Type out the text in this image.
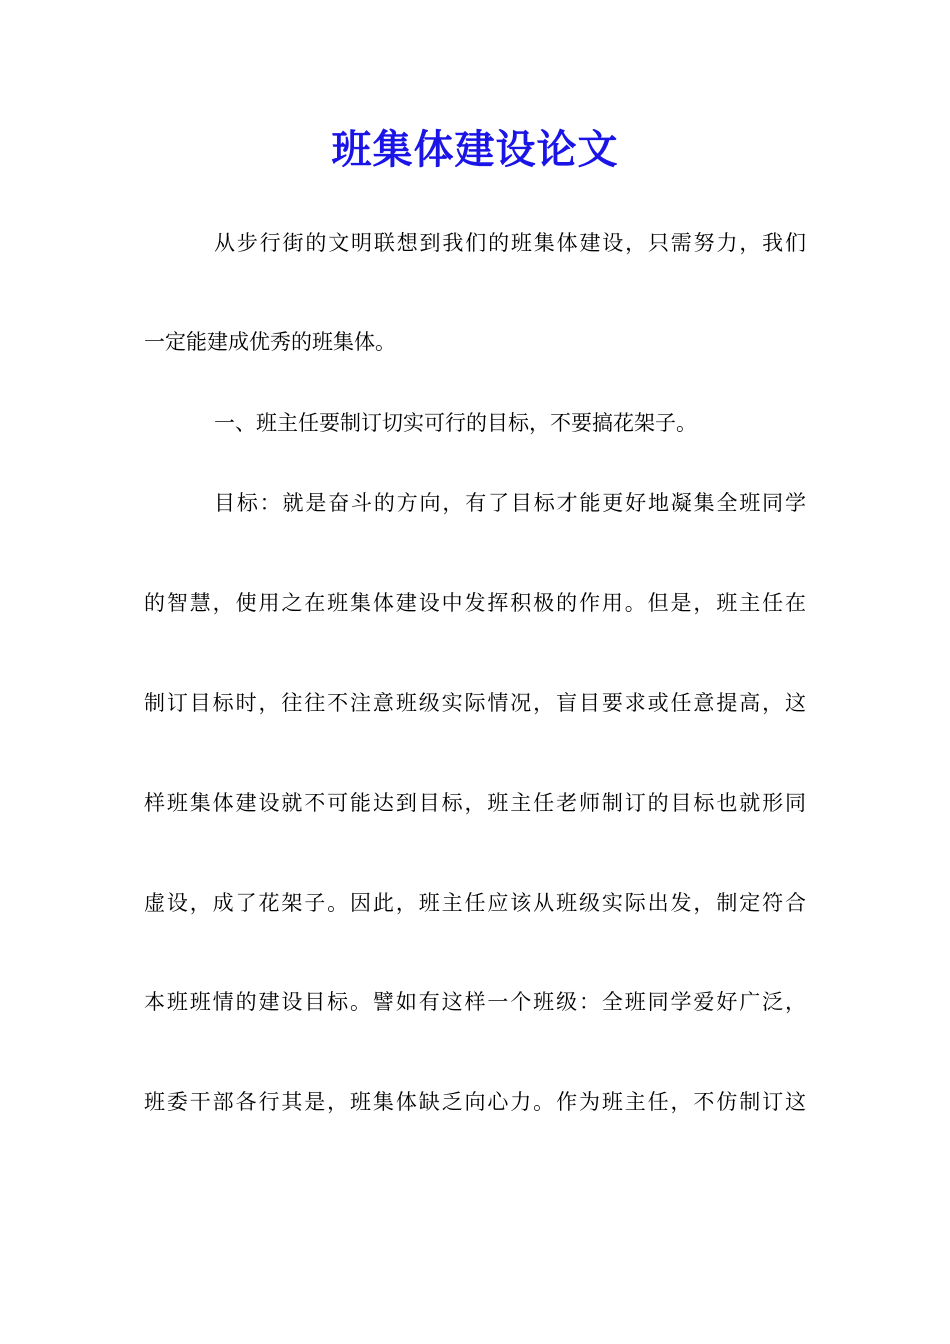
班集体建设论文
从步行街的文明联想到我们的班集体建设，只需努力，我们
一定能建成优秀的班集体。
一、班主任要制订切实可行的目标，不要搞花架子。
目标：就是奋斗的方向，有了目标才能更好地凝集全班同学
的智慧，使用之在班集体建设中发挥积极的作用。但是，班主任在
制订目标时，往往不注意班级实际情况，盲目要求或任意提高，这
样班集体建设就不可能达到目标，班主任老师制订的目标也就形同
虚设，成了花架子。因此，班主任应该从班级实际出发，制定符合
本班班情的建设目标。譬如有这样一个班级：全班同学爱好广泛，
班委干部各行其是，班集体缺乏向心力。作为班主任，不仿制订这
